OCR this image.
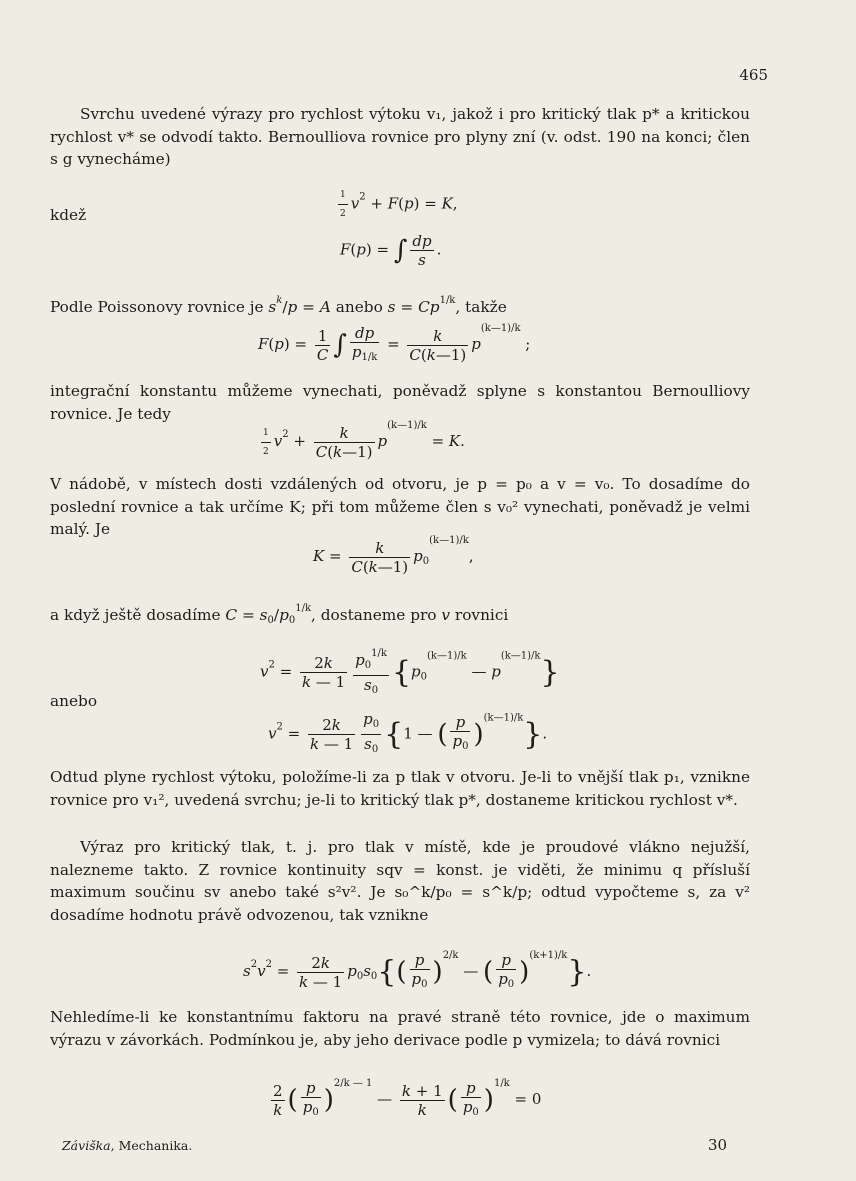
465
Svrchu uvedené výrazy pro rychlost výtoku v₁, jakož i pro kritický tlak p* a kritickou rychlost v* se odvodí takto. Bernoulliova rovnice pro plyny zní (v. odst. 190 na konci; člen s g vynecháme)
$\frac{1}{2} v^2 + F(p) = K$,
kdež
F(p) = ∫ $\frac{dp}{s}$ .
Podle Poissonovy rovnice je $s^k/p = A$ anebo $s = Cp^{1/k}$, takže
$F(p) = \frac{1}{C}$ ∫ $\frac{dp}{p_{1/k}} = \frac{k}{C(k—1)} p^{(k—1)/k}$ ;
integrační konstantu můžeme vynechati, poněvadž splyne s konstantou Bernoulliovy rovnice. Je tedy
$\frac{1}{2} v^2 + \frac{k}{C(k—1)} p^{(k—1)/k} = K$.
V nádobě, v místech dosti vzdálených od otvoru, je p = p₀ a v = v₀. To dosadíme do poslední rovnice a tak určíme K; při tom můžeme člen s v₀² vynechati, poněvadž je velmi malý. Je
$K = \frac{k}{C(k—1)} p_0^{(k—1)/k}$,
a když ještě dosadíme $C = s_0/p_0^{1/k}$, dostaneme pro v rovnici
$v^2 = \frac{2k}{k — 1} \frac{p_0^{1/k}}{s_0} \{p_0^{(k—1)/k}$ — $p^{(k—1)/k}$}
anebo
$v^2 = \frac{2k}{k — 1} \frac{p_0}{s_0} \{1$ — ( $\frac{p}{p_0} )^{(k—1)/k}$}.
Odtud plyne rychlost výtoku, položíme-li za p tlak v otvoru. Je-li to vnější tlak p₁, vznikne rovnice pro v₁², uvedená svrchu; je-li to kritický tlak p*, dostaneme kritickou rychlost v*.
Výraz pro kritický tlak, t. j. pro tlak v místě, kde je proudové vlákno nejužší, nalezneme takto. Z rovnice kontinuity sqv = konst. je viděti, že minimu q přísluší maximum součinu sv anebo také s²v². Je s₀^k/p₀ = s^k/p; odtud vypočteme s, za v² dosadíme hodnotu právě odvozenou, tak vznikne
$s^2v^2 = \frac{2k}{k — 1} p_0s_0\{( \frac{p}{p_0} )^{2/k}$ — ( $\frac{p}{p_0} )^{(k+1)/k}$}.
Nehledíme-li ke konstantnímu faktoru na pravé straně této rovnice, jde o maximum výrazu v závorkách. Podmínkou je, aby jeho derivace podle p vymizela; to dává rovnici
$\frac{2}{k}$ ( $\frac{p}{p_0} )^{2/k — 1}$ — $\frac{k + 1}{k}$ ( $\frac{p}{p_0} )^{1/k} = 0$
Záviška, Mechanika.	30
